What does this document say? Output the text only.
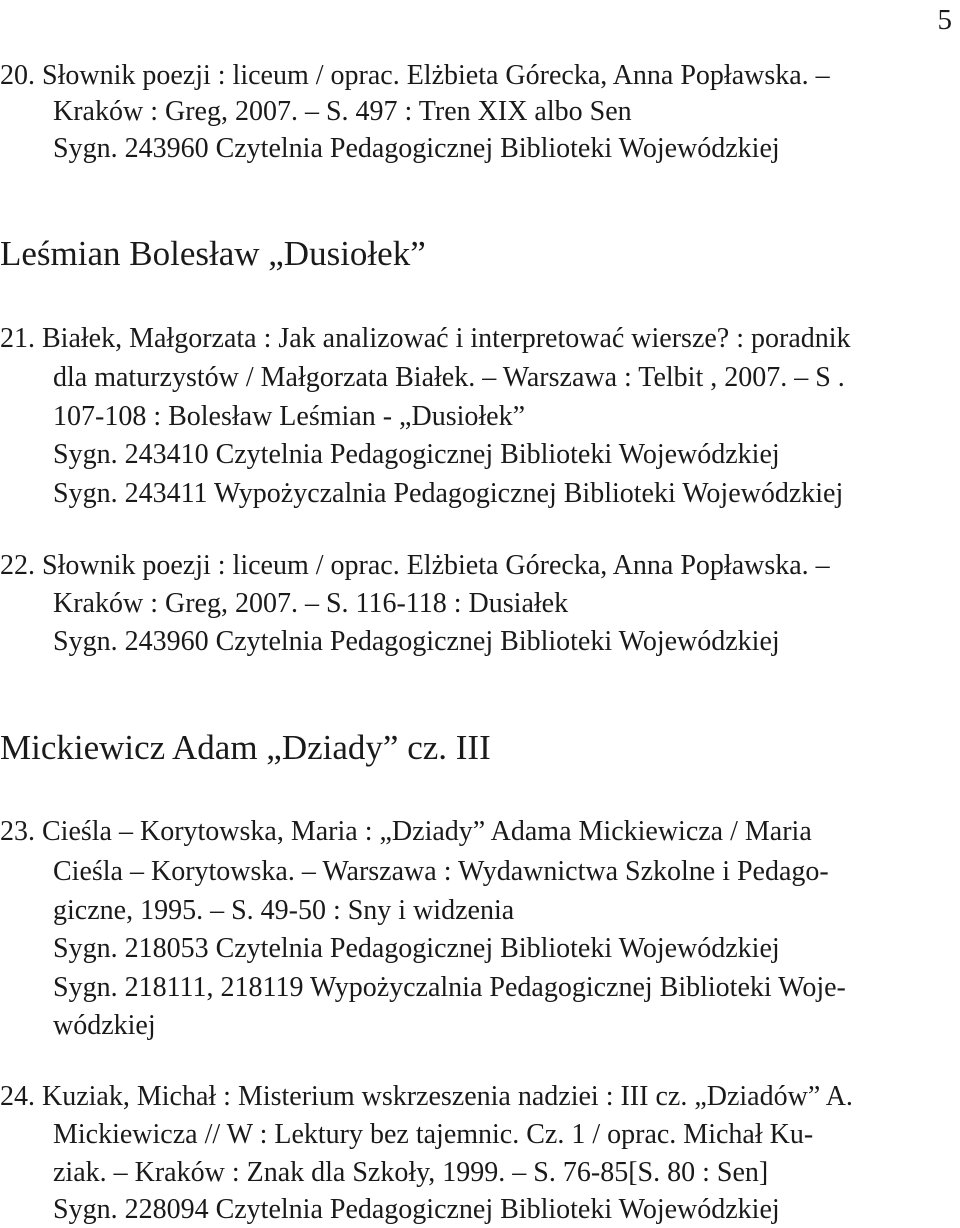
5
20. Słownik poezji : liceum / oprac. Elżbieta Górecka, Anna Popławska. –
Kraków : Greg, 2007. – S. 497 : Tren XIX albo Sen
Sygn. 243960 Czytelnia Pedagogicznej Biblioteki Wojewódzkiej
Leśmian Bolesław „Dusiołek”
21. Białek, Małgorzata : Jak analizować i interpretować wiersze? : poradnik
dla maturzystów / Małgorzata Białek. – Warszawa : Telbit , 2007. – S .
107-108 : Bolesław Leśmian - „Dusiołek”
Sygn. 243410 Czytelnia Pedagogicznej Biblioteki Wojewódzkiej
Sygn. 243411 Wypożyczalnia Pedagogicznej Biblioteki Wojewódzkiej
22. Słownik poezji : liceum / oprac. Elżbieta Górecka, Anna Popławska. –
Kraków : Greg, 2007. – S. 116-118 : Dusiałek
Sygn. 243960 Czytelnia Pedagogicznej Biblioteki Wojewódzkiej
Mickiewicz Adam „Dziady” cz. III
23. Cieśla – Korytowska, Maria : „Dziady” Adama Mickiewicza / Maria
Cieśla – Korytowska. – Warszawa : Wydawnictwa Szkolne i Pedago-
giczne, 1995. – S. 49-50 : Sny i widzenia
Sygn. 218053 Czytelnia Pedagogicznej Biblioteki Wojewódzkiej
Sygn. 218111, 218119 Wypożyczalnia Pedagogicznej Biblioteki Woje-
wódzkiej
24. Kuziak, Michał : Misterium wskrzeszenia nadziei : III cz. „Dziadów” A.
Mickiewicza // W : Lektury bez tajemnic. Cz. 1 / oprac. Michał Ku-
ziak. – Kraków : Znak dla Szkoły, 1999. – S. 76-85[S. 80 : Sen]
Sygn. 228094 Czytelnia Pedagogicznej Biblioteki Wojewódzkiej
